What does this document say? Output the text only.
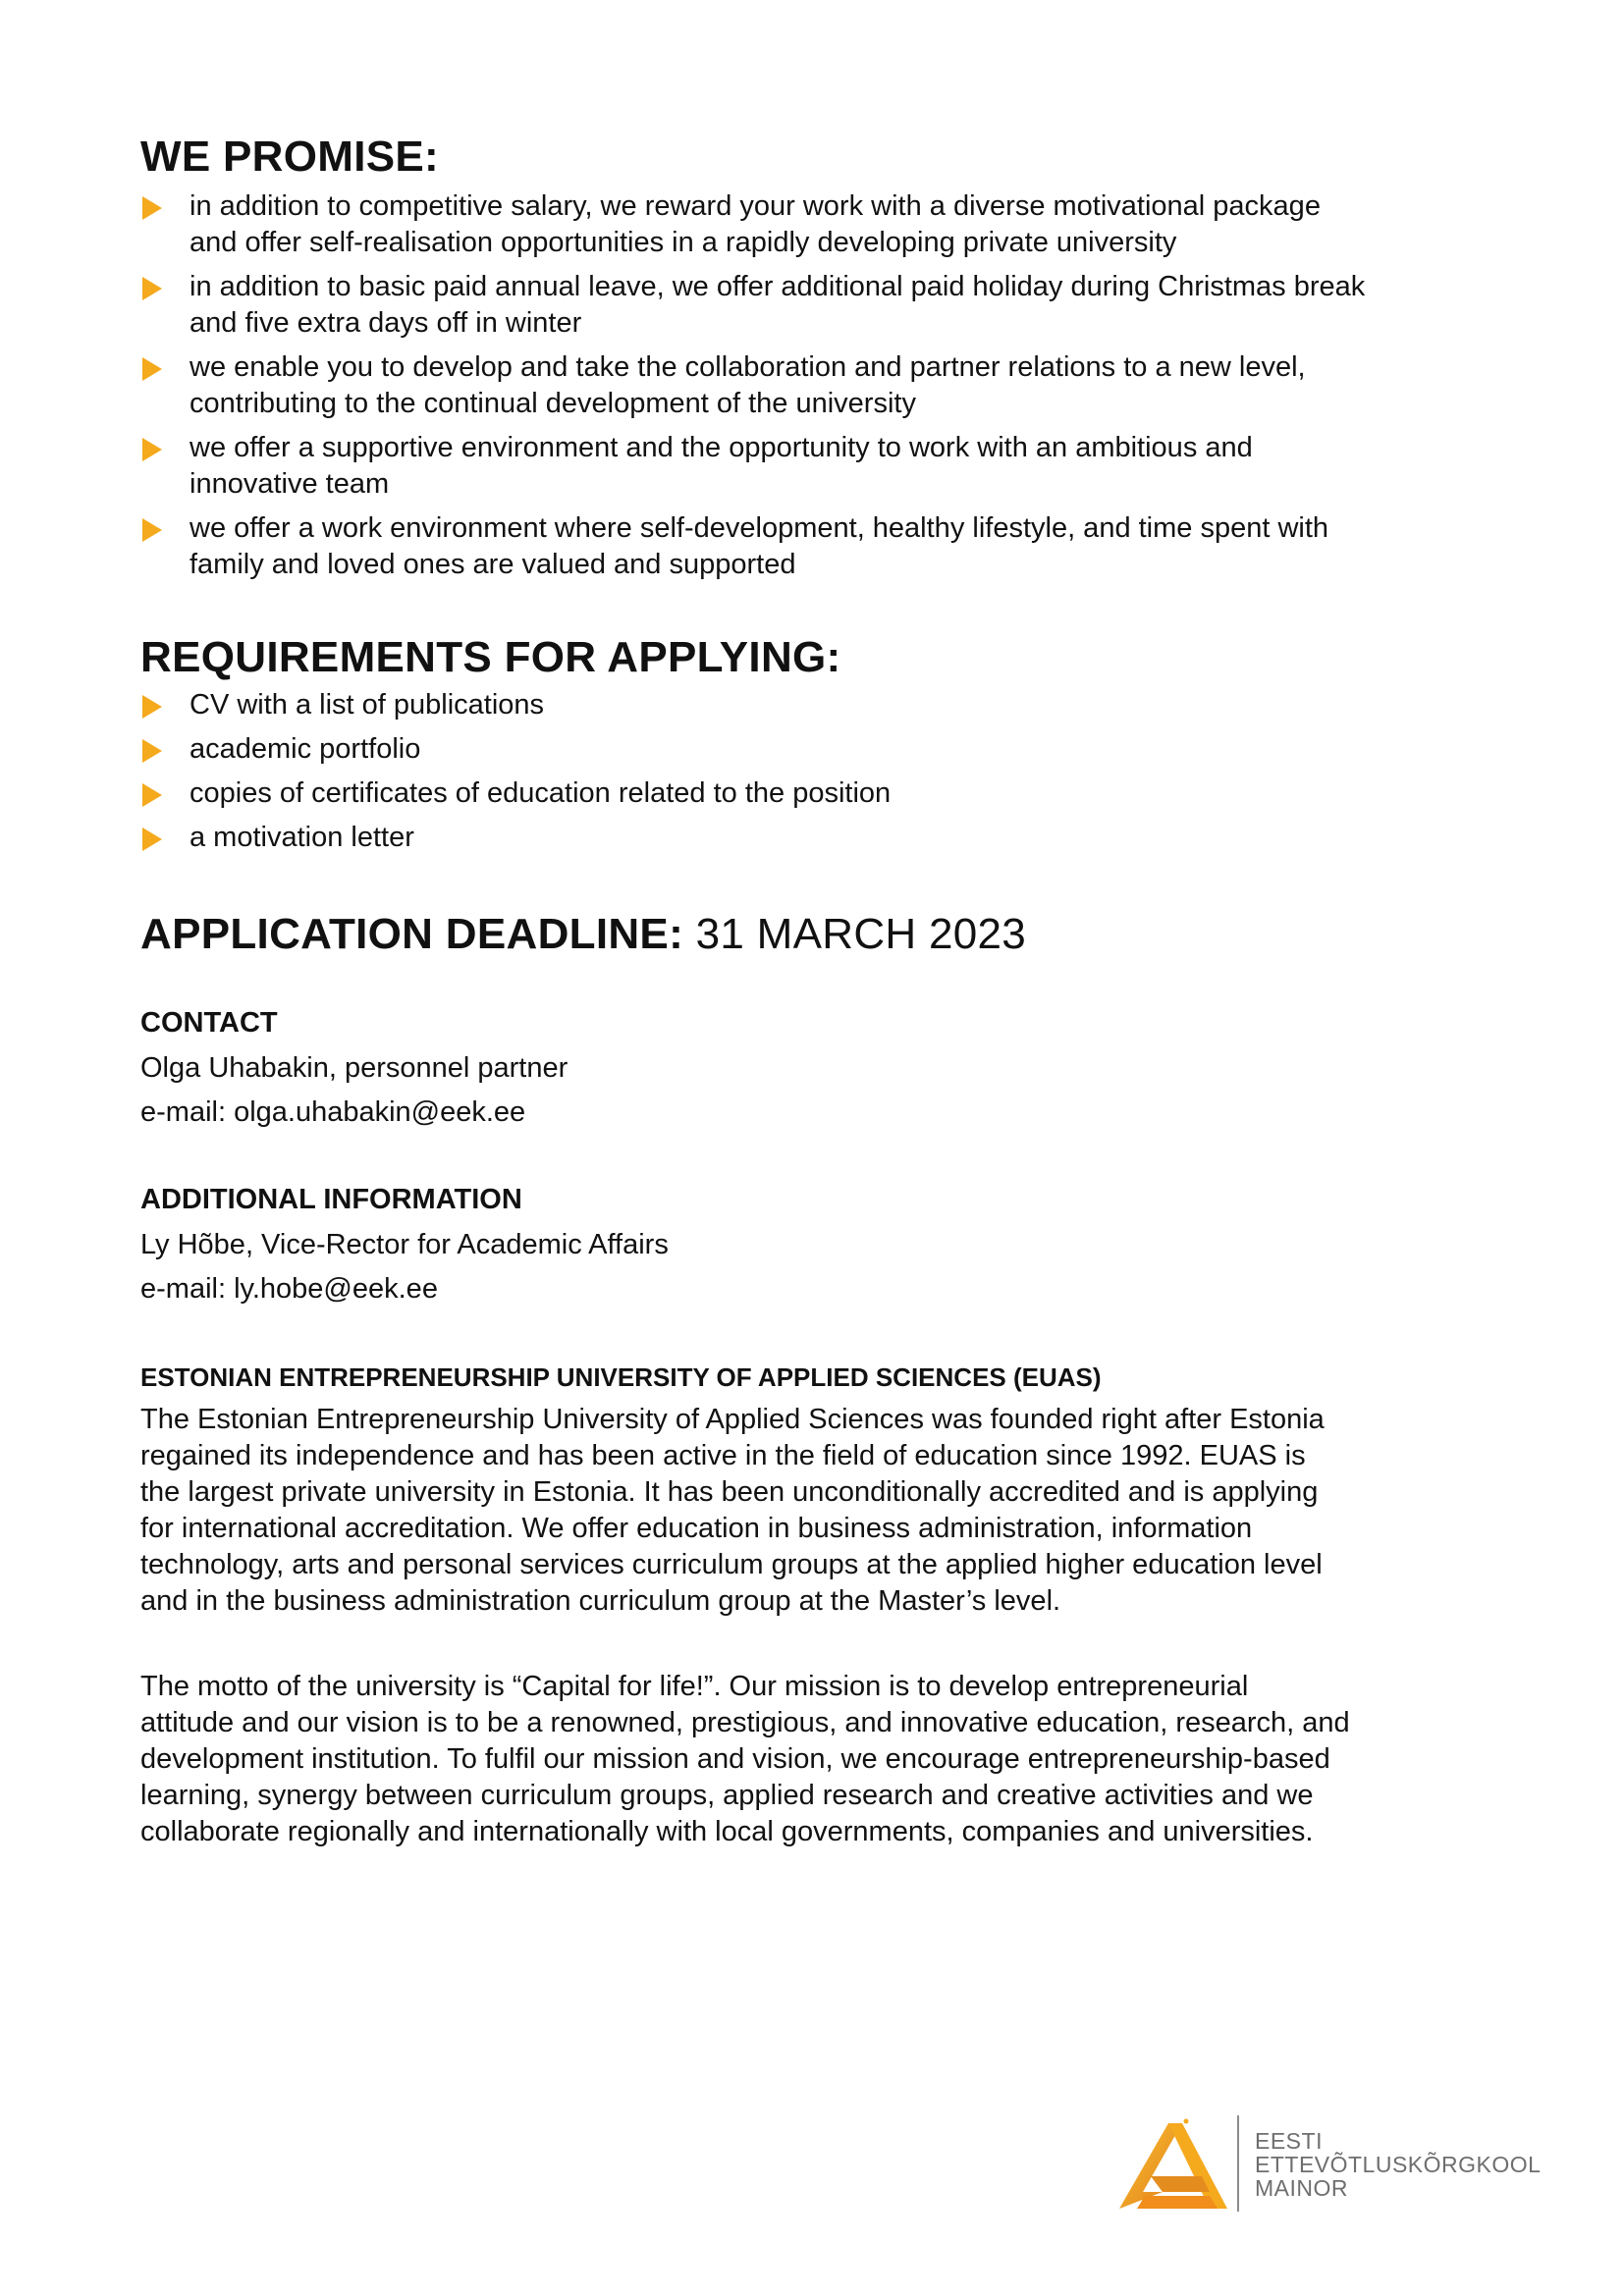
WE PROMISE:
in addition to competitive salary, we reward your work with a diverse motivational package
and offer self-realisation opportunities in a rapidly developing private university
in addition to basic paid annual leave, we offer additional paid holiday during Christmas break
and five extra days off in winter
we enable you to develop and take the collaboration and partner relations to a new level,
contributing to the continual development of the university
we offer a supportive environment and the opportunity to work with an ambitious and
innovative team
we offer a work environment where self-development, healthy lifestyle, and time spent with
family and loved ones are valued and supported
REQUIREMENTS FOR APPLYING:
CV with a list of publications
academic portfolio
copies of certificates of education related to the position
a motivation letter
APPLICATION DEADLINE: 31 MARCH 2023
CONTACT
Olga Uhabakin, personnel partner
e-mail: olga.uhabakin@eek.ee
ADDITIONAL INFORMATION
Ly Hõbe, Vice-Rector for Academic Affairs
e-mail: ly.hobe@eek.ee
ESTONIAN ENTREPRENEURSHIP UNIVERSITY OF APPLIED SCIENCES (EUAS)

The Estonian Entrepreneurship University of Applied Sciences was founded right after Estonia
regained its independence and has been active in the field of education since 1992. EUAS is
the largest private university in Estonia. It has been unconditionally accredited and is applying
for international accreditation. We offer education in business administration, information
technology, arts and personal services curriculum groups at the applied higher education level
and in the business administration curriculum group at the Master’s level.

The motto of the university is “Capital for life!”. Our mission is to develop entrepreneurial
attitude and our vision is to be a renowned, prestigious, and innovative education, research, and
development institution. To fulfil our mission and vision, we encourage entrepreneurship-based
learning, synergy between curriculum groups, applied research and creative activities and we
collaborate regionally and internationally with local governments, companies and universities.

EESTI
ETTEVÕTLUSKÕRGKOOL
MAINOR
